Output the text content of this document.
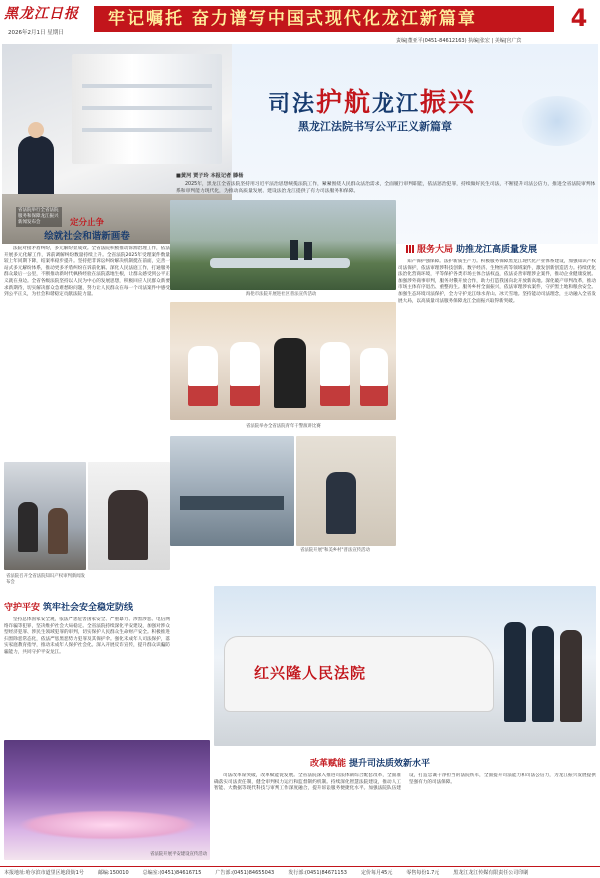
黑龙江日报
2026年2月1日 星期日
牢记嘱托 奋力谱写中国式现代化龙江新篇章	4
责编|董亚平(0451-84612163) 执编|张宏 | 美编|宫广宾
省法院举行全省法院服务和保障龙江振兴新闻发布会
司法护航龙江振兴
黑龙江法院书写公平正义新篇章
■黄河 贾子玲 本报记者 滕杨
2025年，黑龙江全省法院坚持用习近平法治思想统揽法院工作，紧紧围绕人民群众法治需求，全面履行审判职能，依法惩治犯罪，持续做好民生司法，不断提升司法公信力，推进全省法院审判体系和审判能力现代化，为推动高质量发展、建设法治龙江提供了有力司法服务和保障。
定分止争
绘就社会和谐新画卷
法院对接矛盾纠纷，多元解纷显成效。全省法院积极推动诉源治理工作，依法开展多元化解工作，诉前调解纠纷数量持续上升。全省法院2025年受理案件数量较上年同期下降，结案率稳步提升。坚持把非诉讼纠纷解决机制挺在前面，完善一站式多元解纷体系，推动更多矛盾纠纷在诉前化解。深化人民法庭工作，打通服务群众最后一公里，不断推动新时代枫桥经验在法院落地生根，让群众感受到公平正义就在身边。全省各级法院坚持以人民为中心的发展思想，积极回应人民群众新要求新期待，切实解决群众急难愁盼问题，努力让人民群众在每一个司法案件中感受到公平正义，为社会和谐稳定贡献法院力量。
省法院召开全省法院知识产权审判新闻发布会
海伦市法院开展进社区普法宣传活动
省法院举办全省法院青年干警演讲比赛
省法院开展"和美乡村"普法宣传活动
服务大局 助推龙江高质量发展
知产保护强保障。法护新质生产力。积极服务保障黑龙江现代化产业体系建设，加强知识产权司法保护，依法审理涉科技创新、数字经济、生物医药等领域案件，激发创新创造活力。持续优化法治化营商环境，平等保护各类市场主体合法权益，依法妥善审理涉企案件，推动企业健康发展。加强涉外商事审判，服务对俄开放合作，助力打造我国向北开放新高地。深化破产审判改革，推动市场主体有序退出、重整再生。服务乡村全面振兴，依法审理涉农案件，守护黑土地和粮食安全。加强生态环境司法保护，全力守护龙江绿水青山、冰天雪地。坚持能动司法理念，主动融入全省发展大局，以高质量司法服务保障龙江全面振兴取得新突破。
守护平安 筑牢社会安全稳定防线
坚持总体国家安全观，依法严惩危害国家安全、严重暴力、涉黑涉恶、电信网络诈骗等犯罪，坚决维护社会大局稳定。全省法院持续深化平安建设，加强对涉众型经济犯罪、涉民生领域犯罪的审判，切实保护人民群众生命财产安全。积极推进扫黑除恶常态化，依法严惩黑恶势力犯罪及其保护伞。强化未成年人司法保护，落实家庭教育指导，推动未成年人保护社会化。深入开展反诈宣传，提升群众识骗防骗能力，共同守护平安龙江。
省法院开展平安建设宣传活动
红兴隆人民法院
改革赋能 提升司法质效新水平
司法改革谋突破，改革赋能促发展。全省法院深入推进司法体制综合配套改革，全面准确落实司法责任制，健全审判权力运行和监督制约机制。持续深化智慧法院建设，推动人工智能、大数据等现代科技与审判工作深度融合，提升诉讼服务便捷化水平。加强法院队伍建设，打造忠诚干净担当的法院铁军，全面提升司法能力和司法公信力，为龙江振兴发展提供坚强有力的司法保障。
本报地址:哈尔滨市道里区地段街1号	邮编:150010	总编室:(0451)84616715	广告部:(0451)84655043	发行部:(0451)84671153	定价每月45元	零售每份1.7元	黑龙江龙江传媒有限责任公司印刷
